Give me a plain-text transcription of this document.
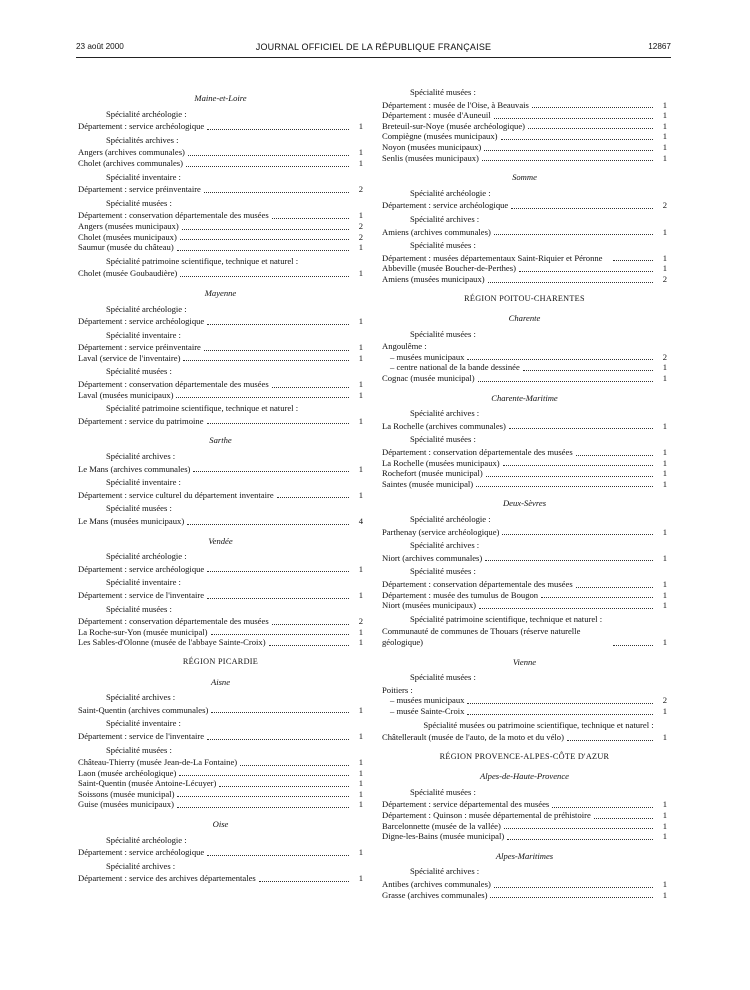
23 août 2000	JOURNAL OFFICIEL DE LA RÉPUBLIQUE FRANÇAISE	12867
Maine-et-Loire
Spécialité archéologie :
Département : service archéologique	1
Spécialités archives :
Angers (archives communales)	1
Cholet (archives communales)	1
Spécialité inventaire :
Département : service préinventaire	2
Spécialité musées :
Département : conservation départementale des musées	1
Angers (musées municipaux)	2
Cholet (musées municipaux)	2
Saumur (musée du château)	1
Spécialité patrimoine scientifique, technique et naturel :
Cholet (musée Goubaudière)	1
Mayenne
Spécialité archéologie :
Département : service archéologique	1
Spécialité inventaire :
Département : service préinventaire	1
Laval (service de l'inventaire)	1
Spécialité musées :
Département : conservation départementale des musées	1
Laval (musées municipaux)	1
Spécialité patrimoine scientifique, technique et naturel :
Département : service du patrimoine	1
Sarthe
Spécialité archives :
Le Mans (archives communales)	1
Spécialité inventaire :
Département : service culturel du département inventaire	1
Spécialité musées :
Le Mans (musées municipaux)	4
Vendée
Spécialité archéologie :
Département : service archéologique	1
Spécialité inventaire :
Département : service de l'inventaire	1
Spécialité musées :
Département : conservation départementale des musées	2
La Roche-sur-Yon (musée municipal)	1
Les Sables-d'Olonne (musée de l'abbaye Sainte-Croix)	1
RÉGION PICARDIE
Aisne
Spécialité archives :
Saint-Quentin (archives communales)	1
Spécialité inventaire :
Département : service de l'inventaire	1
Spécialité musées :
Château-Thierry (musée Jean-de-La Fontaine)	1
Laon (musée archéologique)	1
Saint-Quentin (musée Antoine-Lécuyer)	1
Soissons (musée municipal)	1
Guise (musées municipaux)	1
Oise
Spécialité archéologie :
Département : service archéologique	1
Spécialité archives :
Département : service des archives départementales	1
Spécialité musées :
Département : musée de l'Oise, à Beauvais	1
Département : musée d'Auneuil	1
Breteuil-sur-Noye (musée archéologique)	1
Compiègne (musées municipaux)	1
Noyon (musées municipaux)	1
Senlis (musées municipaux)	1
Somme
Spécialité archéologie :
Département : service archéologique	2
Spécialité archives :
Amiens (archives communales)	1
Spécialité musées :
Département : musées départementaux Saint-Riquier et Péronne	1
Abbeville (musée Boucher-de-Perthes)	1
Amiens (musées municipaux)	2
RÉGION POITOU-CHARENTES
Charente
Spécialité musées :
Angoulême :
– musées municipaux	2
– centre national de la bande dessinée	1
Cognac (musée municipal)	1
Charente-Maritime
Spécialité archives :
La Rochelle (archives communales)	1
Spécialité musées :
Département : conservation départementale des musées	1
La Rochelle (musées municipaux)	1
Rochefort (musée municipal)	1
Saintes (musée municipal)	1
Deux-Sèvres
Spécialité archéologie :
Parthenay (service archéologique)	1
Spécialité archives :
Niort (archives communales)	1
Spécialité musées :
Département : conservation départementale des musées	1
Département : musée des tumulus de Bougon	1
Niort (musées municipaux)	1
Spécialité patrimoine scientifique, technique et naturel :
Communauté de communes de Thouars (réserve naturelle géologique)	1
Vienne
Spécialité musées :
Poitiers :
– musées municipaux	2
– musée Sainte-Croix	1
Spécialité musées ou patrimoine scientifique, technique et naturel :
Châtellerault (musée de l'auto, de la moto et du vélo)	1
RÉGION PROVENCE-ALPES-CÔTE D'AZUR
Alpes-de-Haute-Provence
Spécialité musées :
Département : service départemental des musées	1
Département : Quinson : musée départemental de préhistoire	1
Barcelonnette (musée de la vallée)	1
Digne-les-Bains (musée municipal)	1
Alpes-Maritimes
Spécialité archives :
Antibes (archives communales)	1
Grasse (archives communales)	1
